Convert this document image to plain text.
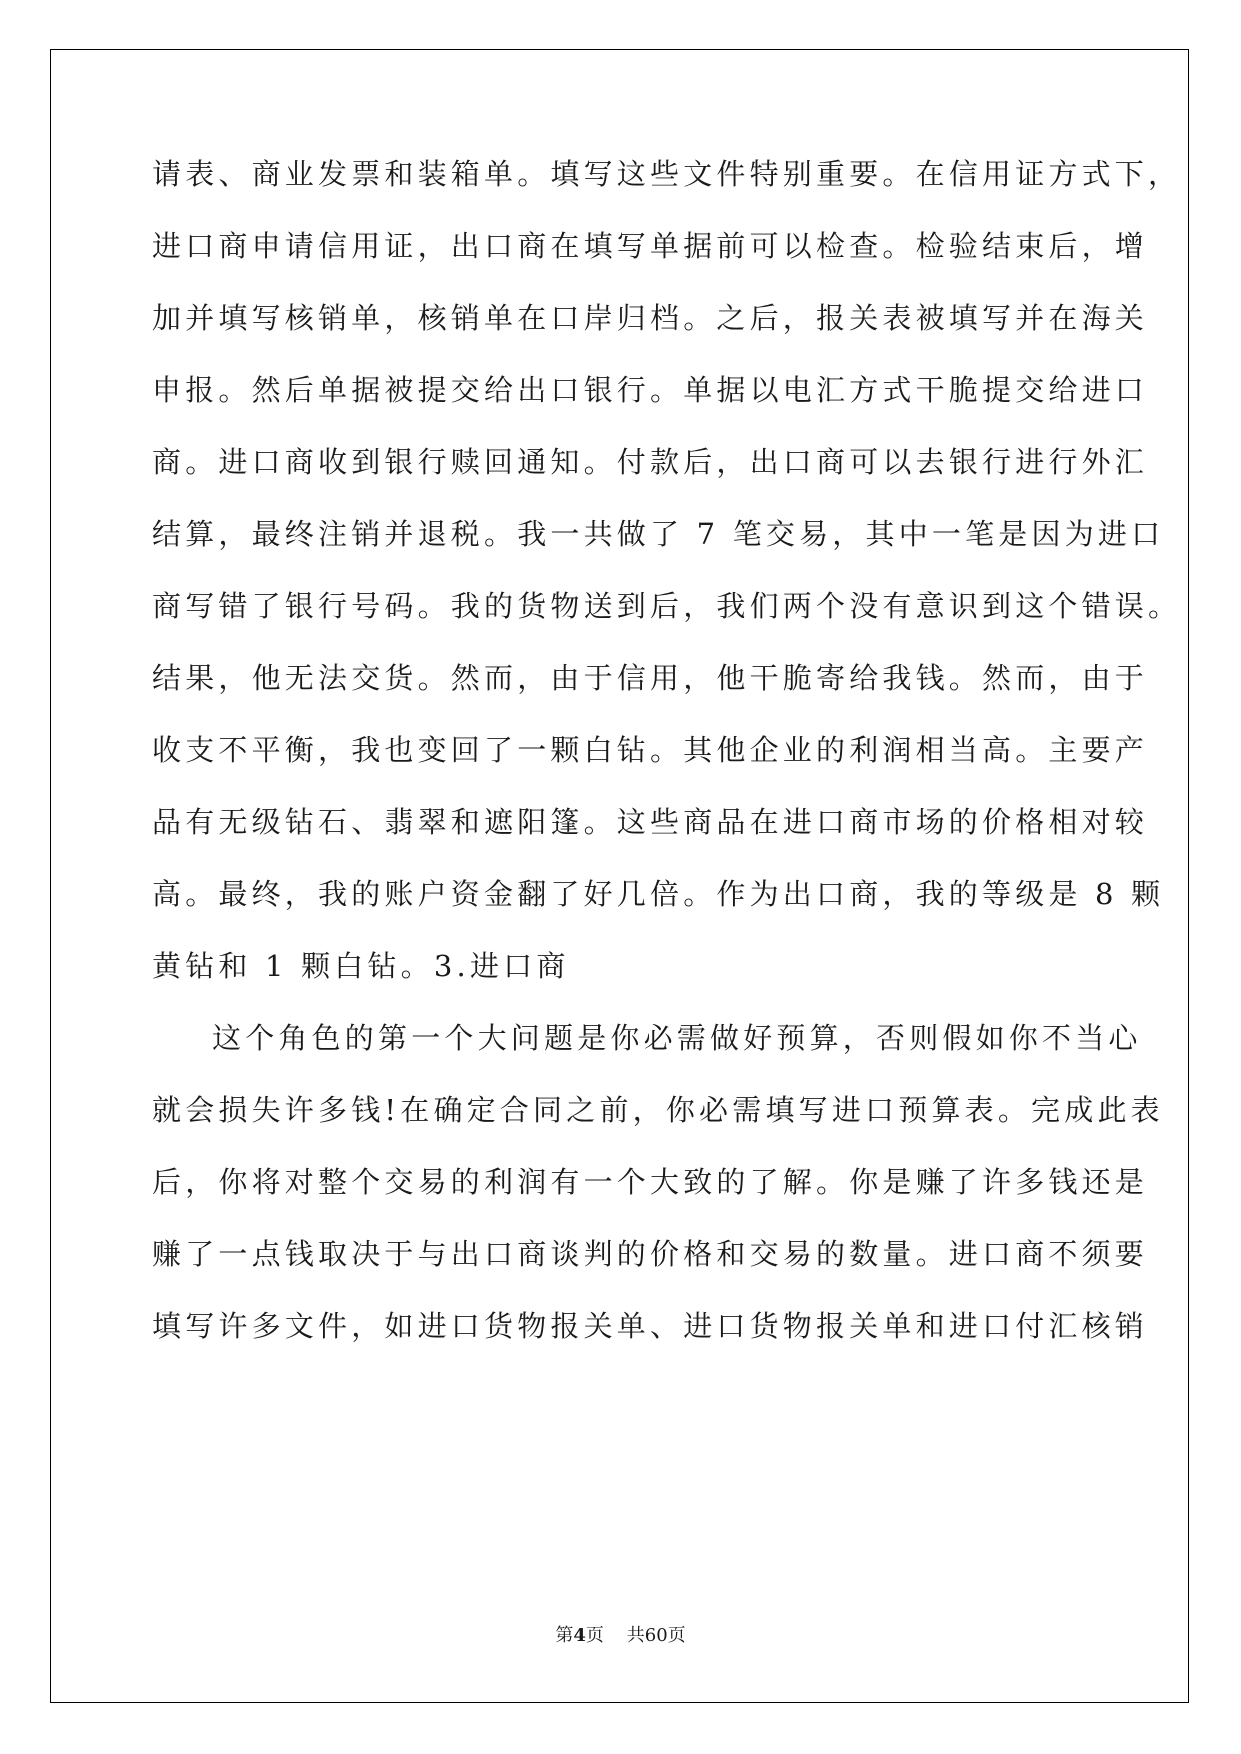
请表、商业发票和装箱单。填写这些文件特别重要。在信用证方式下，
进口商申请信用证，出口商在填写单据前可以检查。检验结束后，增
加并填写核销单，核销单在口岸归档。之后，报关表被填写并在海关
申报。然后单据被提交给出口银行。单据以电汇方式干脆提交给进口
商。进口商收到银行赎回通知。付款后，出口商可以去银行进行外汇
结算，最终注销并退税。我一共做了 7 笔交易，其中一笔是因为进口
商写错了银行号码。我的货物送到后，我们两个没有意识到这个错误。
结果，他无法交货。然而，由于信用，他干脆寄给我钱。然而，由于
收支不平衡，我也变回了一颗白钻。其他企业的利润相当高。主要产
品有无级钻石、翡翠和遮阳篷。这些商品在进口商市场的价格相对较
高。最终，我的账户资金翻了好几倍。作为出口商，我的等级是 8 颗
黄钻和 1 颗白钻。3.进口商
这个角色的第一个大问题是你必需做好预算，否则假如你不当心
就会损失许多钱!在确定合同之前，你必需填写进口预算表。完成此表
后，你将对整个交易的利润有一个大致的了解。你是赚了许多钱还是
赚了一点钱取决于与出口商谈判的价格和交易的数量。进口商不须要
填写许多文件，如进口货物报关单、进口货物报关单和进口付汇核销
第4页 共60页
